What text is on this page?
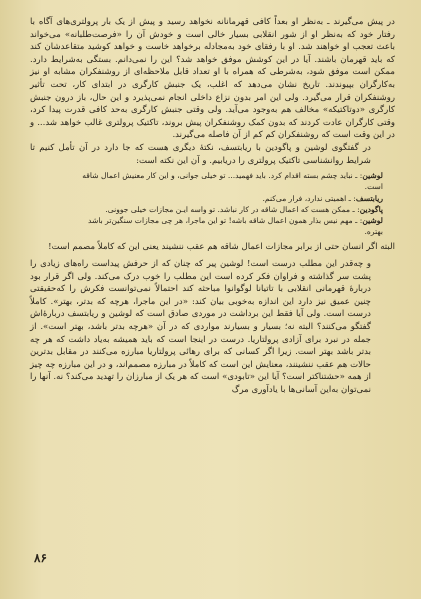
در پیش می‌گیرند ـ به‌نظر او بعداً کافی قهرمانانه نخواهد رسید و پیش از یک بار پرولتری‌های آگاه با رفتار خود که به‌نظر او از شور انقلابی بسیار خالی است و خودش آن را «فرصت‌طلبانه» می‌خواند باعث تعجب او خواهند شد. او با رفقای خود به‌مجادله برخواهد خاست و خواهد کوشید متقاعدشان کند که باید قهرمان باشند. آیا در این کوشش موفق خواهد شد؟ این را نمی‌دانم. بستگی به‌شرایط دارد. ممکن است موفق شود، به‌شرطی که همراه با او تعداد قابل ملاحظه‌ای از روشنفکران مشابه او نیز به‌کارگران بپیوندند. تاریخ نشان می‌دهد که اغلب، یک جنبش کارگری در ابتدای کار، تحت تأثیر روشنفکران قرار می‌گیرد. ولی این امر بدون نزاع داخلی انجام نمی‌پذیرد و این حال، باز درون جنبش کارگری «دوتاکتیکه» مخالف هم به‌وجود می‌آید. ولی وقتی جنبش کارگری به‌حد کافی قدرت پیدا کرد، وقتی کارگران عادت کردند که بدون کمک روشنفکران پیش بروند، تاکتیک پرولتری غالب خواهد شد... و در این وقت است که روشنفکران کم کم از آن فاصله می‌گیرند.

در گفتگوی لوشین و پاگودین با ریابتسف، نکتهٔ دیگری هست که جا دارد در آن تأمل کنیم تا شرایط روانشناسی تاکتیک پرولتری را دریابیم. و آن این نکته است:

لوشین: ـ نباید چشم بسته اقدام کرد. باید فهمید... تو خیلی جوانی، و این کار معنیش اعمال شاقه است.
ریابتسف: ـ اهمیتی ندارد، فرار می‌کنم.
پاگودین: ـ ممکن هست که اعمال شاقه در کار نباشد. تو واسه ایـن مجازات خیلی جوونی.
لوشین: ـ مهم نیس بذار همون اعمال شاقه باشه! تو این ماجرا، هر چی مجازات سنگین‌تر باشد بهتره.

البته اگر انسان حتی از برابر مجازات اعمال شاقه هم عقب ننشیند یعنی این که کاملاً مصمم است!

و چه‌قدر این مطلب درست است! لوشین پیر که چنان که از حرفش پیداست راه‌های زیادی را پشت سر گذاشته و فراوان فکر کرده است این مطلب را خوب درک می‌کند. ولی اگر قرار بود دربارهٔ قهرمانی انقلابی با تاتیانا لوگوانوا مباحثه کند احتمالاً نمی‌توانست فکرش را که‌حقیقتی چنین عمیق نیز دارد این اندازه به‌خوبی بیان کند: «در این ماجرا، هرچه که بدتر، بهتر». کاملاً درست است. ولی آیا فقط این برداشت در موردی صادق است که لوشین و ریابتسف دربارهٔ‌اش گفتگو می‌کنند؟ البته نه؛ بسیار و بسیارند مواردی که در آن «هرچه بدتر باشد، بهتر است». از جمله در نبرد برای آزادی پرولتاریا. درست در اینجا است که باید همیشه به‌یاد داشت که هر چه بدتر باشد بهتر است. زیرا اگر کسانی که برای رهائی پرولتاریا مبارزه می‌کنند در مقابل بدترین حالات هم عقب ننشینند، معنایش این است که کاملاً در مبارزه مصمم‌اند، و در این مبارزه چه چیز از همه «حشتناکتر است؟ آیا این «تابودی» است که هر یک از مبارزان را تهدید می‌کند؟ نه. آنها را نمی‌توان به‌این آسانی‌ها با یادآوری مرگ

۸۶
